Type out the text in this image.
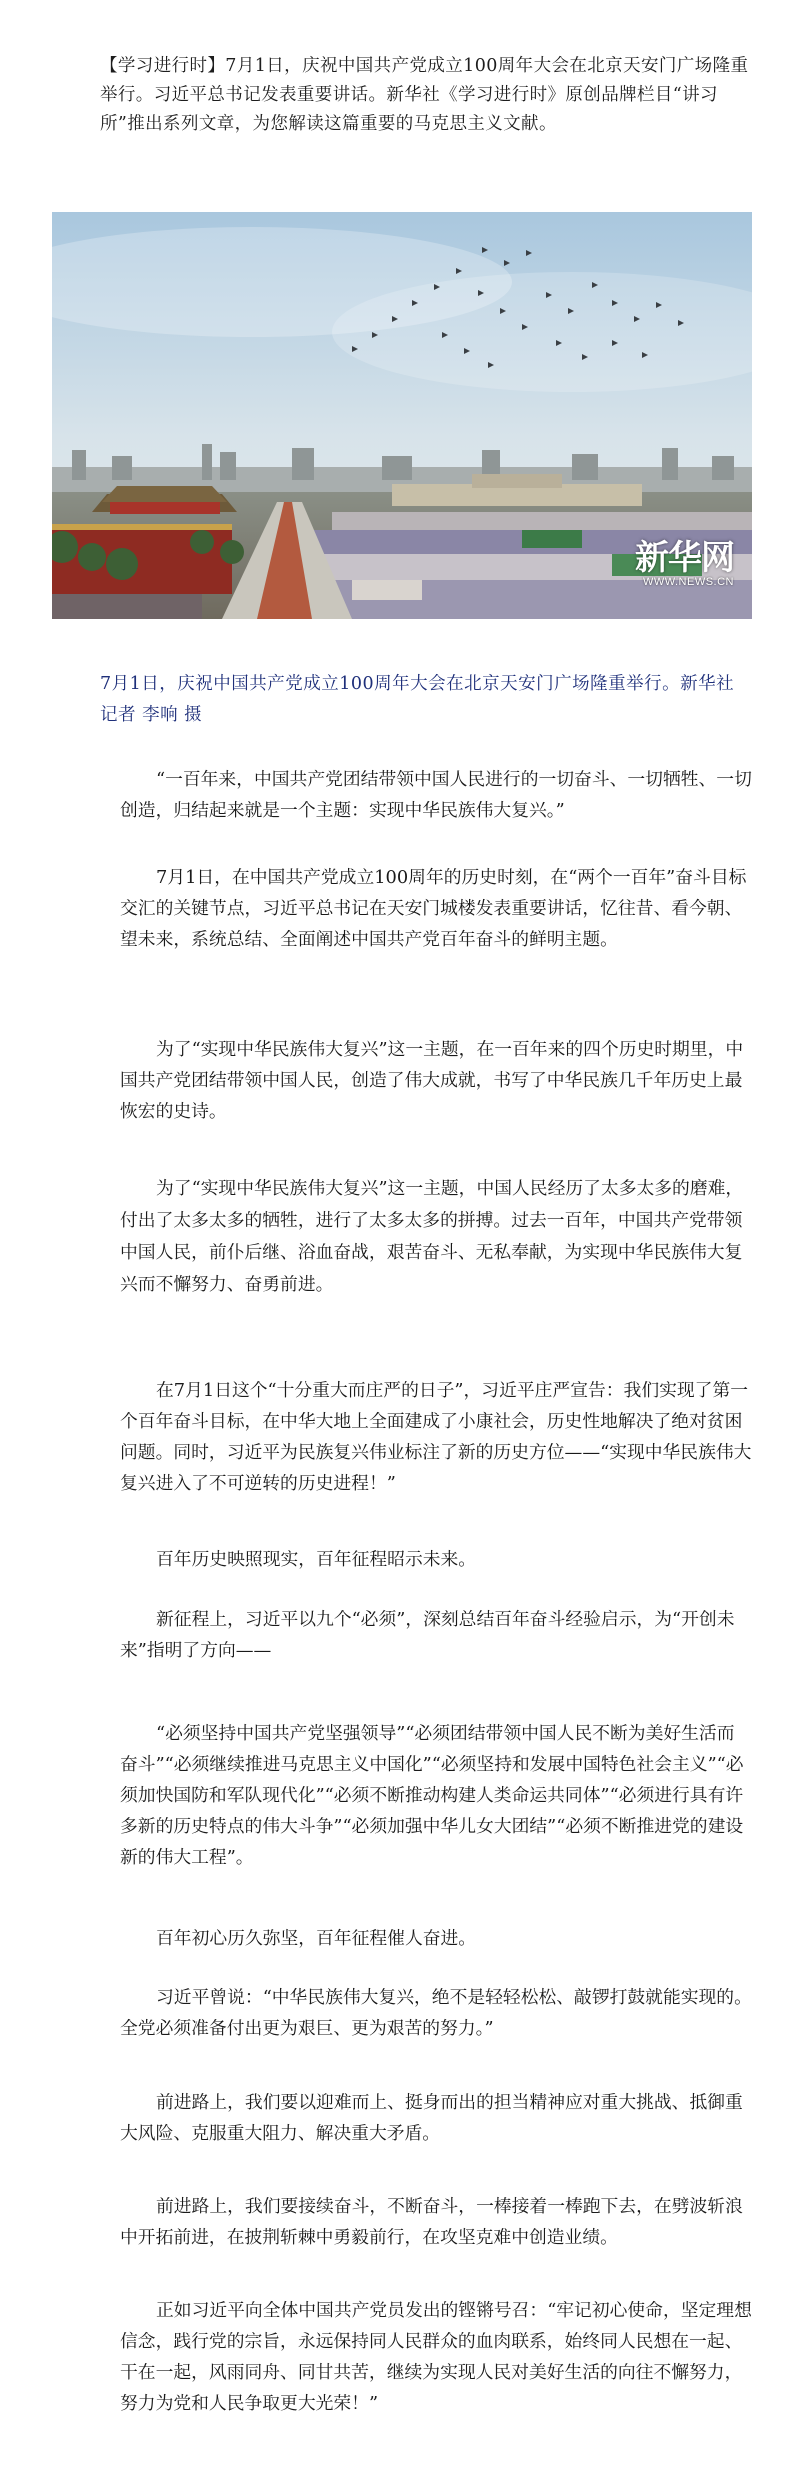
【学习进行时】7月1日，庆祝中国共产党成立100周年大会在北京天安门广场隆重举行。习近平总书记发表重要讲话。新华社《学习进行时》原创品牌栏目“讲习所”推出系列文章，为您解读这篇重要的马克思主义文献。

新华网
WWW.NEWS.CN

7月1日，庆祝中国共产党成立100周年大会在北京天安门广场隆重举行。新华社记者 李响 摄

“一百年来，中国共产党团结带领中国人民进行的一切奋斗、一切牺牲、一切创造，归结起来就是一个主题：实现中华民族伟大复兴。”

7月1日，在中国共产党成立100周年的历史时刻，在“两个一百年”奋斗目标交汇的关键节点，习近平总书记在天安门城楼发表重要讲话，忆往昔、看今朝、望未来，系统总结、全面阐述中国共产党百年奋斗的鲜明主题。

为了“实现中华民族伟大复兴”这一主题，在一百年来的四个历史时期里，中国共产党团结带领中国人民，创造了伟大成就，书写了中华民族几千年历史上最恢宏的史诗。

为了“实现中华民族伟大复兴”这一主题，中国人民经历了太多太多的磨难，付出了太多太多的牺牲，进行了太多太多的拼搏。过去一百年，中国共产党带领中国人民，前仆后继、浴血奋战，艰苦奋斗、无私奉献，为实现中华民族伟大复兴而不懈努力、奋勇前进。

在7月1日这个“十分重大而庄严的日子”，习近平庄严宣告：我们实现了第一个百年奋斗目标，在中华大地上全面建成了小康社会，历史性地解决了绝对贫困问题。同时，习近平为民族复兴伟业标注了新的历史方位——“实现中华民族伟大复兴进入了不可逆转的历史进程！”

百年历史映照现实，百年征程昭示未来。

新征程上，习近平以九个“必须”，深刻总结百年奋斗经验启示，为“开创未来”指明了方向——

“必须坚持中国共产党坚强领导”“必须团结带领中国人民不断为美好生活而奋斗”“必须继续推进马克思主义中国化”“必须坚持和发展中国特色社会主义”“必须加快国防和军队现代化”“必须不断推动构建人类命运共同体”“必须进行具有许多新的历史特点的伟大斗争”“必须加强中华儿女大团结”“必须不断推进党的建设新的伟大工程”。

百年初心历久弥坚，百年征程催人奋进。

习近平曾说：“中华民族伟大复兴，绝不是轻轻松松、敲锣打鼓就能实现的。全党必须准备付出更为艰巨、更为艰苦的努力。”

前进路上，我们要以迎难而上、挺身而出的担当精神应对重大挑战、抵御重大风险、克服重大阻力、解决重大矛盾。

前进路上，我们要接续奋斗，不断奋斗，一棒接着一棒跑下去，在劈波斩浪中开拓前进，在披荆斩棘中勇毅前行，在攻坚克难中创造业绩。

正如习近平向全体中国共产党员发出的铿锵号召：“牢记初心使命，坚定理想信念，践行党的宗旨，永远保持同人民群众的血肉联系，始终同人民想在一起、干在一起，风雨同舟、同甘共苦，继续为实现人民对美好生活的向往不懈努力，努力为党和人民争取更大光荣！”
